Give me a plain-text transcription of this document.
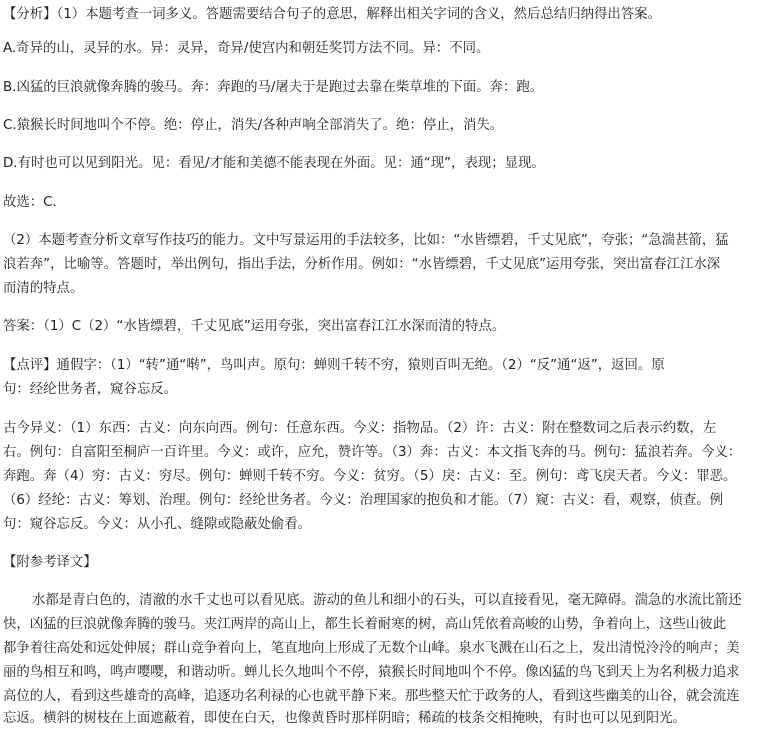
【分析】（1）本题考查一词多义。答题需要结合句子的意思，解释出相关字词的含义，然后总结归纳得出答案。
A.奇异的山，灵异的水。异：灵异，奇异/使宫内和朝廷奖罚方法不同。异：不同。
B.凶猛的巨浪就像奔腾的骏马。奔：奔跑的马/屠夫于是跑过去靠在柴草堆的下面。奔：跑。
C.猿猴长时间地叫个不停。绝：停止，消失/各种声响全部消失了。绝：停止，消失。
D.有时也可以见到阳光。见：看见/才能和美德不能表现在外面。见：通“现”，表现；显现。
故选：C.
（2）本题考查分析文章写作技巧的能力。文中写景运用的手法较多，比如：“水皆缥碧，千丈见底”，夸张；“急湍甚箭，猛
浪若奔”，比喻等。答题时，举出例句，指出手法，分析作用。例如：“水皆缥碧，千丈见底”运用夸张，突出富春江江水深
而清的特点。
答案：（1）C（2）“水皆缥碧，千丈见底”运用夸张，突出富春江江水深而清的特点。
【点评】通假字：（1）“转”通“啭”，鸟叫声。原句：蝉则千转不穷，猿则百叫无绝。（2）“反”通“返”，返回。原
句：经纶世务者，窥谷忘反。
古今异义：（1）东西：古义：向东向西。例句：任意东西。今义：指物品。（2）许：古义：附在整数词之后表示约数，左
右。例句：自富阳至桐庐一百许里。今义：或许，应允，赞许等。（3）奔：古义：本文指飞奔的马。例句：猛浪若奔。今义：
奔跑。奔（4）穷：古义：穷尽。例句：蝉则千转不穷。今义：贫穷。（5）戾：古义：至。例句：鸢飞戾天者。今义：罪恶。
（6）经纶：古义：筹划、治理。例句：经纶世务者。今义：治理国家的抱负和才能。（7）窥：古义：看，观察，侦查。例
句：窥谷忘反。今义：从小孔、缝隙或隐蔽处偷看。
【附参考译文】
水都是青白色的，清澈的水千丈也可以看见底。游动的鱼儿和细小的石头，可以直接看见，毫无障碍。湍急的水流比箭还
快，凶猛的巨浪就像奔腾的骏马。夹江两岸的高山上，都生长着耐寒的树，高山凭依着高峻的山势，争着向上，这些山彼此
都争着往高处和远处伸展；群山竞争着向上，笔直地向上形成了无数个山峰。泉水飞溅在山石之上，发出清悦泠泠的响声；美
丽的鸟相互和鸣，鸣声嘤嘤，和谐动听。蝉儿长久地叫个不停，猿猴长时间地叫个不停。像凶猛的鸟飞到天上为名利极力追求
高位的人，看到这些雄奇的高峰，追逐功名利禄的心也就平静下来。那些整天忙于政务的人，看到这些幽美的山谷，就会流连
忘返。横斜的树枝在上面遮蔽着，即使在白天，也像黄昏时那样阴暗；稀疏的枝条交相掩映，有时也可以见到阳光。
